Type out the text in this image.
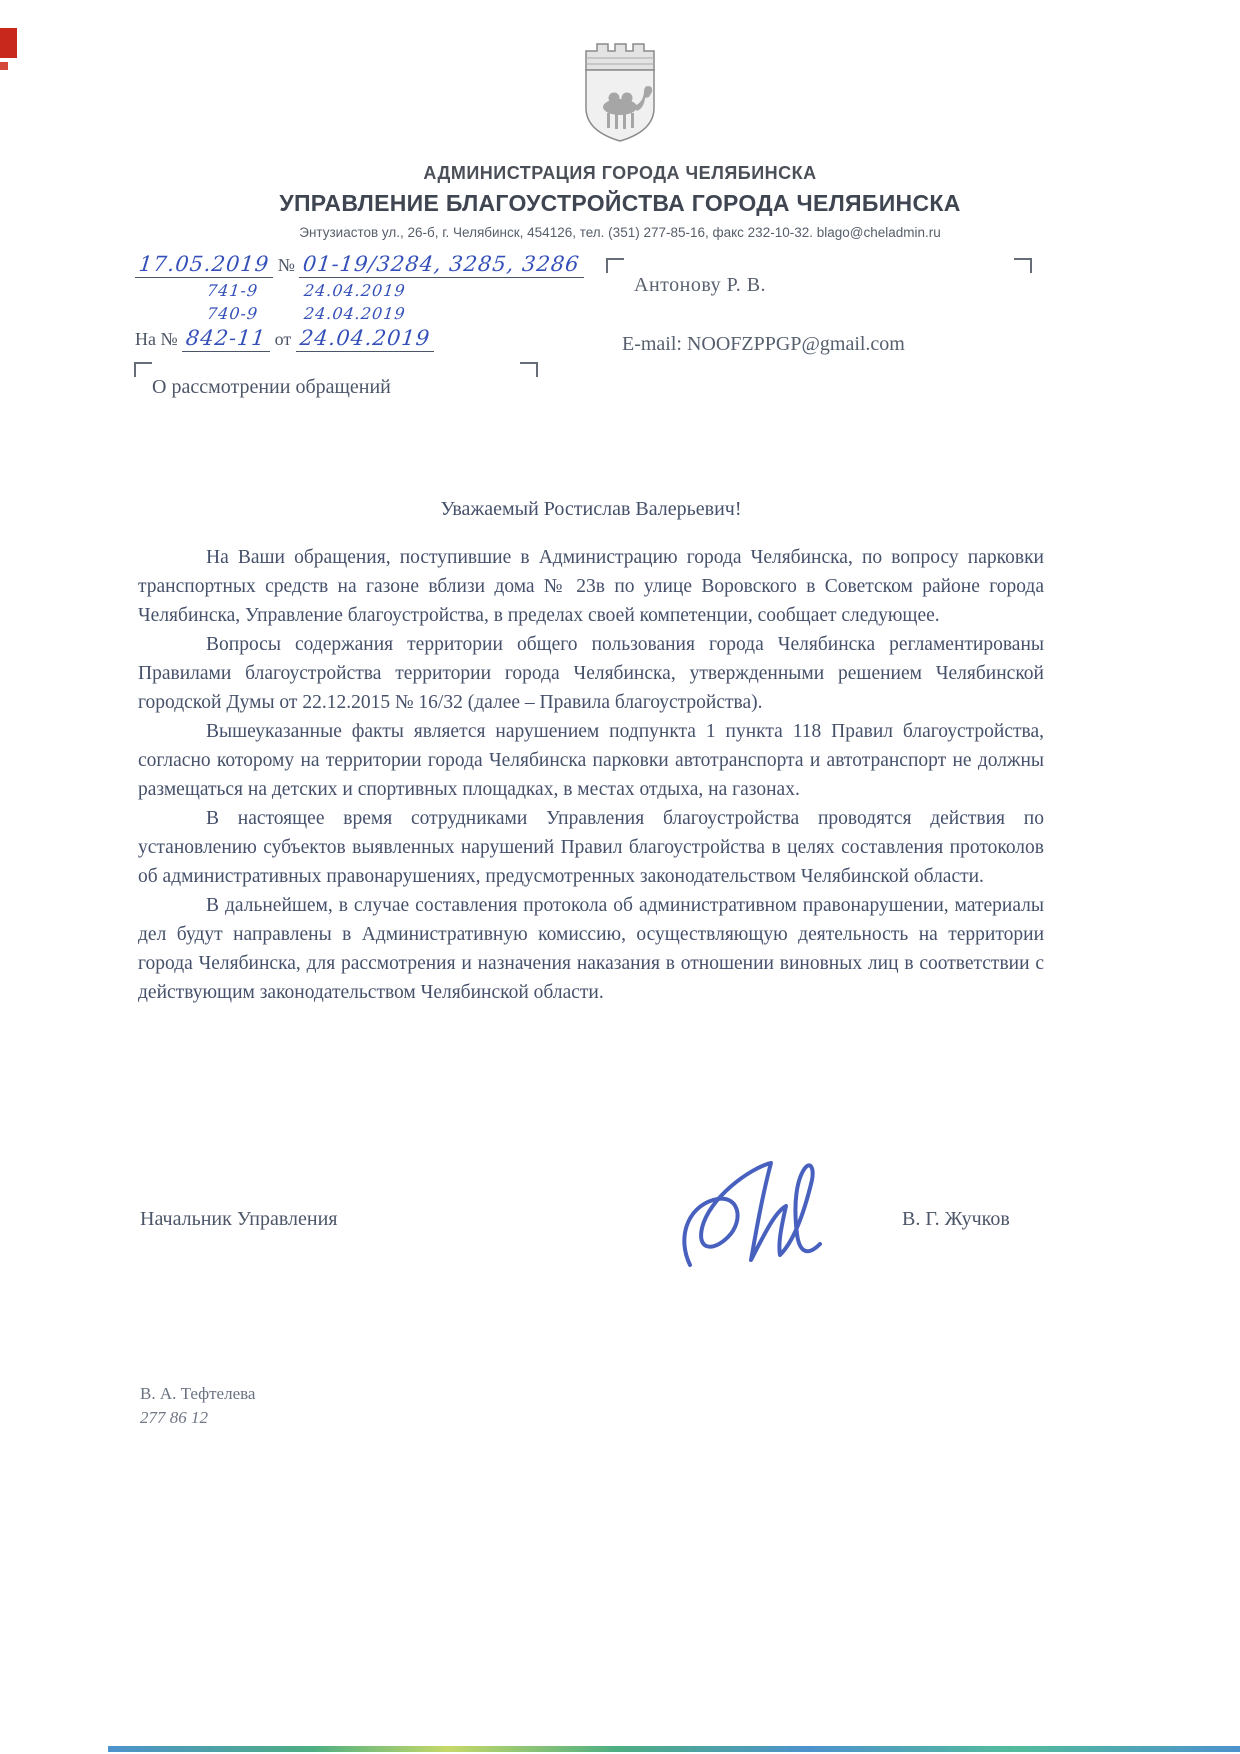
АДМИНИСТРАЦИЯ ГОРОДА ЧЕЛЯБИНСКА
УПРАВЛЕНИЕ БЛАГОУСТРОЙСТВА ГОРОДА ЧЕЛЯБИНСКА
Энтузиастов ул., 26-б, г. Челябинск, 454126, тел. (351) 277-85-16, факс 232-10-32. blago@cheladmin.ru
17.05.2019 № 01-19/3284, 3285, 3286
741-9	24.04.2019
740-9	24.04.2019
На № 842-11 от 24.04.2019
Антонову Р. В.
E-mail: NOOFZPPGP@gmail.com
О рассмотрении обращений

Уважаемый Ростислав Валерьевич!

На Ваши обращения, поступившие в Администрацию города Челябинска, по вопросу парковки транспортных средств на газоне вблизи дома № 23в по улице Воровского в Советском районе города Челябинска, Управление благоустройства, в пределах своей компетенции, сообщает следующее.

Вопросы содержания территории общего пользования города Челябинска регламентированы Правилами благоустройства территории города Челябинска, утвержденными решением Челябинской городской Думы от 22.12.2015 № 16/32 (далее – Правила благоустройства).

Вышеуказанные факты является нарушением подпункта 1 пункта 118 Правил благоустройства, согласно которому на территории города Челябинска парковки автотранспорта и автотранспорт не должны размещаться на детских и спортивных площадках, в местах отдыха, на газонах.

В настоящее время сотрудниками Управления благоустройства проводятся действия по установлению субъектов выявленных нарушений Правил благоустройства в целях составления протоколов об административных правонарушениях, предусмотренных законодательством Челябинской области.

В дальнейшем, в случае составления протокола об административном правонарушении, материалы дел будут направлены в Административную комиссию, осуществляющую деятельность на территории города Челябинска, для рассмотрения и назначения наказания в отношении виновных лиц в соответствии с действующим законодательством Челябинской области.

Начальник Управления	В. Г. Жучков
В. А. Тефтелева
277 86 12
